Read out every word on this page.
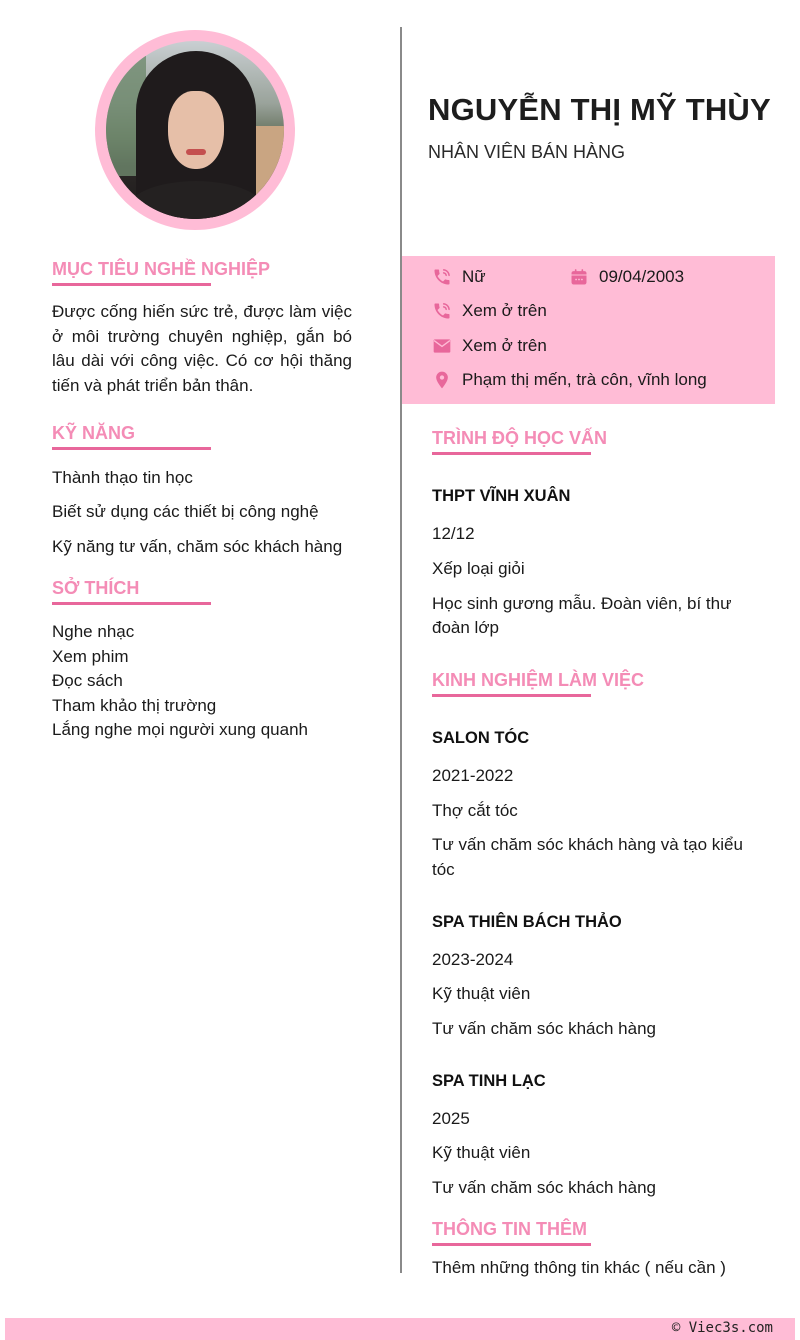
NGUYỄN THỊ MỸ THÙY
NHÂN VIÊN BÁN HÀNG
Nữ	09/04/2003
Xem ở trên
Xem ở trên
Phạm thị mến, trà côn, vĩnh long
MỤC TIÊU NGHỀ NGHIỆP
Được cống hiến sức trẻ, được làm việc ở môi trường chuyên nghiệp, gắn bó lâu dài với công việc. Có cơ hội thăng tiến và phát triển bản thân.
KỸ NĂNG
Thành thạo tin học
Biết sử dụng các thiết bị công nghệ
Kỹ năng tư vấn, chăm sóc khách hàng
SỞ THÍCH
Nghe nhạc
Xem phim
Đọc sách
Tham khảo thị trường
Lắng nghe mọi người xung quanh
TRÌNH ĐỘ HỌC VẤN
THPT VĨNH XUÂN
12/12
Xếp loại giỏi
Học sinh gương mẫu. Đoàn viên, bí thư
đoàn lớp
KINH NGHIỆM LÀM VIỆC
SALON TÓC
2021-2022
Thợ cắt tóc
Tư vấn chăm sóc khách hàng và tạo kiểu
tóc
SPA THIÊN BÁCH THẢO
2023-2024
Kỹ thuật viên
Tư vấn chăm sóc khách hàng
SPA TINH LẠC
2025
Kỹ thuật viên
Tư vấn chăm sóc khách hàng
THÔNG TIN THÊM
Thêm những thông tin khác ( nếu cần )
© Viec3s.com
